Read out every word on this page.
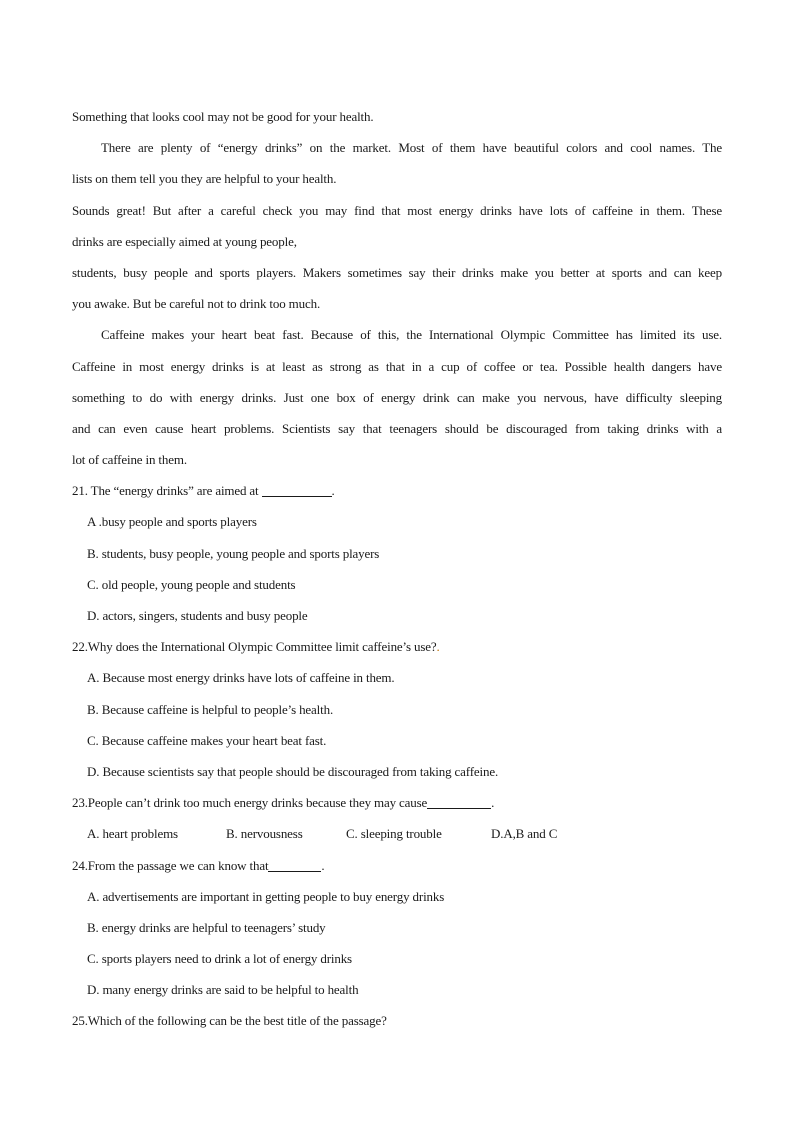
Something that looks cool may not be good for your health.
There are plenty of “energy drinks” on the market. Most of them have beautiful colors and cool names. The
lists on them tell you they are helpful to your health.
Sounds great! But after a careful check you may find that most energy drinks have lots of caffeine in them. These
drinks are especially aimed at young people,
students, busy people and sports players. Makers sometimes say their drinks make you better at sports and can keep
you awake. But be careful not to drink too much.
Caffeine makes your heart beat fast. Because of this, the International Olympic Committee has limited its use.
Caffeine in most energy drinks is at least as strong as that in a cup of coffee or tea. Possible health dangers have
something to do with energy drinks. Just one box of energy drink can make you nervous, have difficulty sleeping
and can even cause heart problems. Scientists say that teenagers should be discouraged from taking drinks with a
lot of caffeine in them.
21. The “energy drinks” are aimed at	.
A .busy people and sports players
B. students, busy people, young people and sports players
C. old people, young people and students
D. actors, singers, students and busy people
22.Why does the International Olympic Committee limit caffeine’s use?.
A. Because most energy drinks have lots of caffeine in them.
B. Because caffeine is helpful to people’s health.
C. Because caffeine makes your heart beat fast.
D. Because scientists say that people should be discouraged from taking caffeine.
23.People can’t drink too much energy drinks because they may cause	.
A. heart problems	B. nervousness	C. sleeping trouble	D.A,B and C
24.From the passage we can know that	.
A. advertisements are important in getting people to buy energy drinks
B. energy drinks are helpful to teenagers’ study
C. sports players need to drink a lot of energy drinks
D. many energy drinks are said to be helpful to health
25.Which of the following can be the best title of the passage?
